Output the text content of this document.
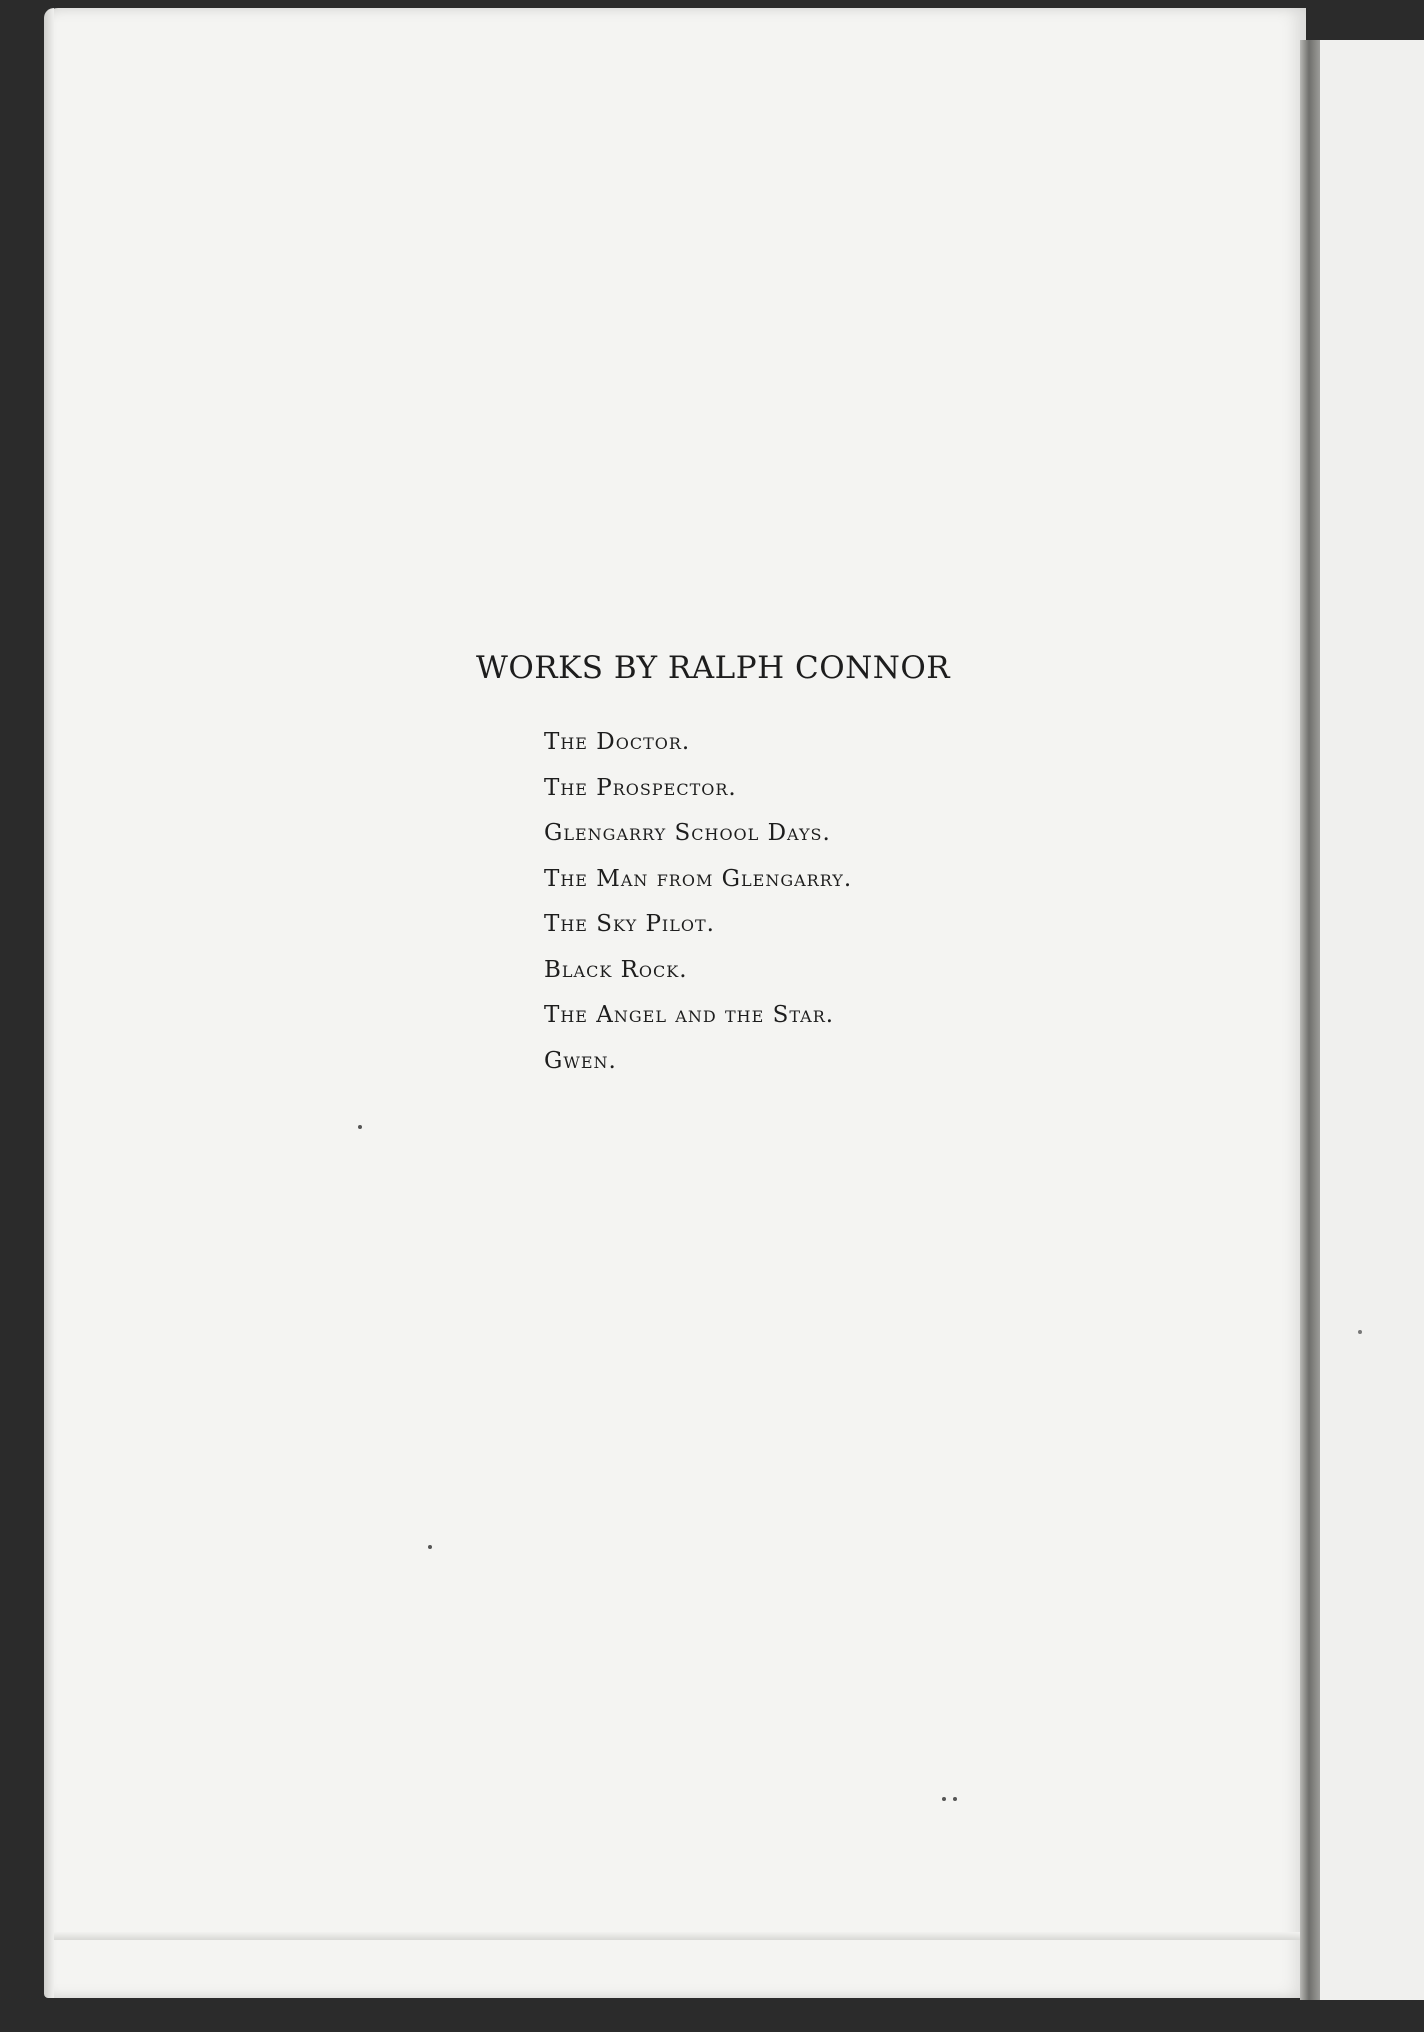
WORKS BY RALPH CONNOR
The Doctor.
The Prospector.
Glengarry School Days.
The Man from Glengarry.
The Sky Pilot.
Black Rock.
The Angel and the Star.
Gwen.
